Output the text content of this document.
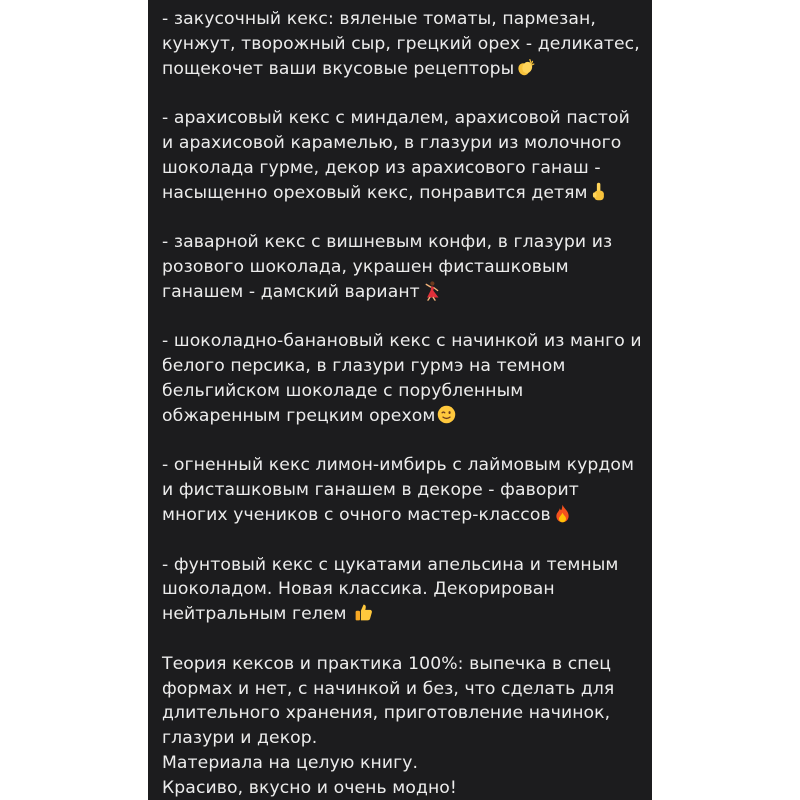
- закусочный кекс: вяленые томаты, пармезан, кунжут, творожный сыр, грецкий орех - деликатес, пощекочет ваши вкусовые рецепторы

- арахисовый кекс с миндалем, арахисовой пастой и арахисовой карамелью, в глазури из молочного шоколада гурме, декор из арахисового ганаш - насыщенно ореховый кекс, понравится детям

- заварной кекс с вишневым конфи, в глазури из розового шоколада, украшен фисташковым ганашем - дамский вариант

- шоколадно-банановый кекс с начинкой из манго и белого персика, в глазури гурмэ на темном бельгийском шоколаде с порубленным обжаренным грецким орехом

- огненный кекс лимон-имбирь с лаймовым курдом и фисташковым ганашем в декоре - фаворит многих учеников с очного мастер-классов

- фунтовый кекс с цукатами апельсина и темным шоколадом. Новая классика. Декорирован нейтральным гелем

Теория кексов и практика 100%: выпечка в спец формах и нет, с начинкой и без, что сделать для длительного хранения, приготовление начинок, глазури и декор.
Материала на целую книгу.
Красиво, вкусно и очень модно!
